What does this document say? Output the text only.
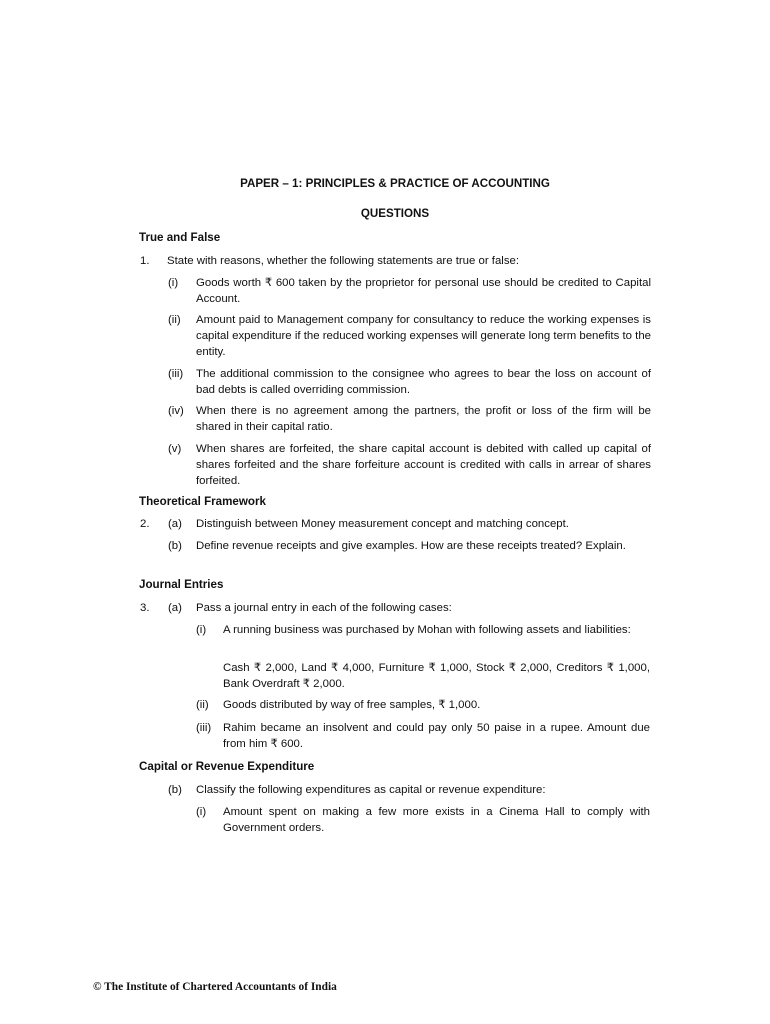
PAPER – 1: PRINCIPLES & PRACTICE OF ACCOUNTING
QUESTIONS
True and False
1. State with reasons, whether the following statements are true or false:
(i) Goods worth ₹ 600 taken by the proprietor for personal use should be credited to Capital Account.
(ii) Amount paid to Management company for consultancy to reduce the working expenses is capital expenditure if the reduced working expenses will generate long term benefits to the entity.
(iii) The additional commission to the consignee who agrees to bear the loss on account of bad debts is called overriding commission.
(iv) When there is no agreement among the partners, the profit or loss of the firm will be shared in their capital ratio.
(v) When shares are forfeited, the share capital account is debited with called up capital of shares forfeited and the share forfeiture account is credited with calls in arrear of shares forfeited.
Theoretical Framework
2. (a) Distinguish between Money measurement concept and matching concept.
(b) Define revenue receipts and give examples. How are these receipts treated? Explain.
Journal Entries
3. (a) Pass a journal entry in each of the following cases:
(i) A running business was purchased by Mohan with following assets and liabilities:
Cash ₹ 2,000, Land ₹ 4,000, Furniture ₹ 1,000, Stock ₹ 2,000, Creditors ₹ 1,000, Bank Overdraft ₹ 2,000.
(ii) Goods distributed by way of free samples, ₹ 1,000.
(iii) Rahim became an insolvent and could pay only 50 paise in a rupee. Amount due from him ₹ 600.
Capital or Revenue Expenditure
(b) Classify the following expenditures as capital or revenue expenditure:
(i) Amount spent on making a few more exists in a Cinema Hall to comply with Government orders.
© The Institute of Chartered Accountants of India
